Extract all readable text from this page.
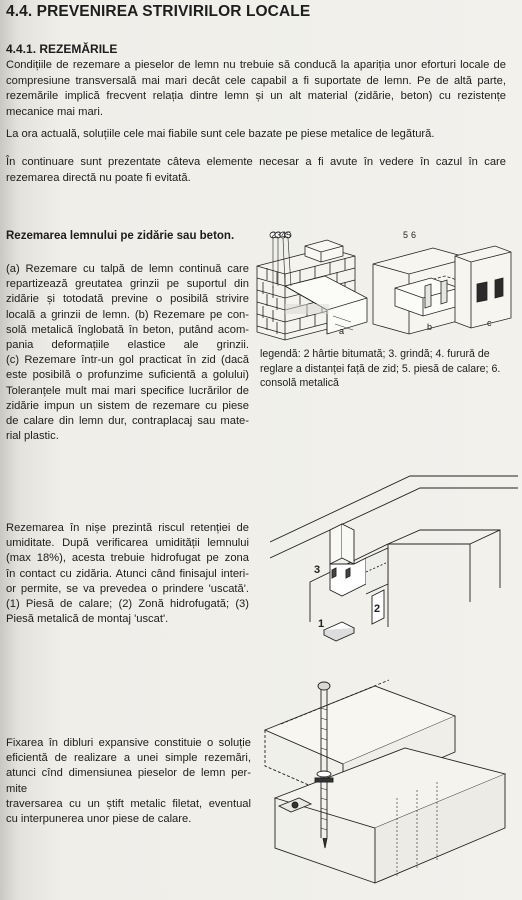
4.4. PREVENIREA STRIVIRILOR LOCALE
4.4.1. REZEMĂRILE
Condițiile de rezemare a pieselor de lemn nu trebuie să conducă la apariția unor eforturi locale de compresiune transversală mai mari decât cele capabil a fi suportate de lemn. Pe de altă parte, rezemările implică frecvent relația dintre lemn și un alt material (zidărie, beton) cu rezistențe mecanice mai mari.
La ora actuală, soluțiile cele mai fiabile sunt cele bazate pe piese metalice de legătură.
În continuare sunt prezentate câteva elemente necesar a fi avute în vedere în cazul în care rezemarea directă nu poate fi evitată.
Rezemarea lemnului pe zidărie sau beton.
(a) Rezemare cu talpă de lemn continuă care
repartizează greutatea grinzii pe suportul din
zidărie și totodată previne o posibilă strivire
locală a grinzii de lemn. (b) Rezemare pe con-
solă metalică înglobată în beton, putând acom-
pania deformațiile elastice ale grinzii.
(c) Rezemare într-un gol practicat în zid (dacă
este posibilă o profunzime suficientă a golului)
Toleranțele mult mai mari specifice lucrărilor de
zidărie impun un sistem de rezemare cu piese
de calare din lemn dur, contraplacaj sau mate-
rial plastic.
2 3 4 5	5 6
a	b	c
legendă: 2 hârtie bitumată; 3. grindă; 4. fururǎ de reglare a distanței față de zid; 5. piesă de calare; 6. consolă metalică
Rezemarea în nișe prezintă riscul retenției de
umiditate. După verificarea umidității lemnului
(max 18%), acesta trebuie hidrofugat pe zona
în contact cu zidăria. Atunci când finisajul interi-
or permite, se va prevedea o prindere 'uscată'.
(1) Piesă de calare; (2) Zonă hidrofugată; (3)
Piesă metalică de montaj 'uscat'.
3
2
1
Fixarea în dibluri expansive constituie o soluție
eficientă de realizare a unei simple rezemări,
atunci cînd dimensiunea pieselor de lemn per-
mite
traversarea cu un știft metalic filetat, eventual
cu interpunerea unor piese de calare.
